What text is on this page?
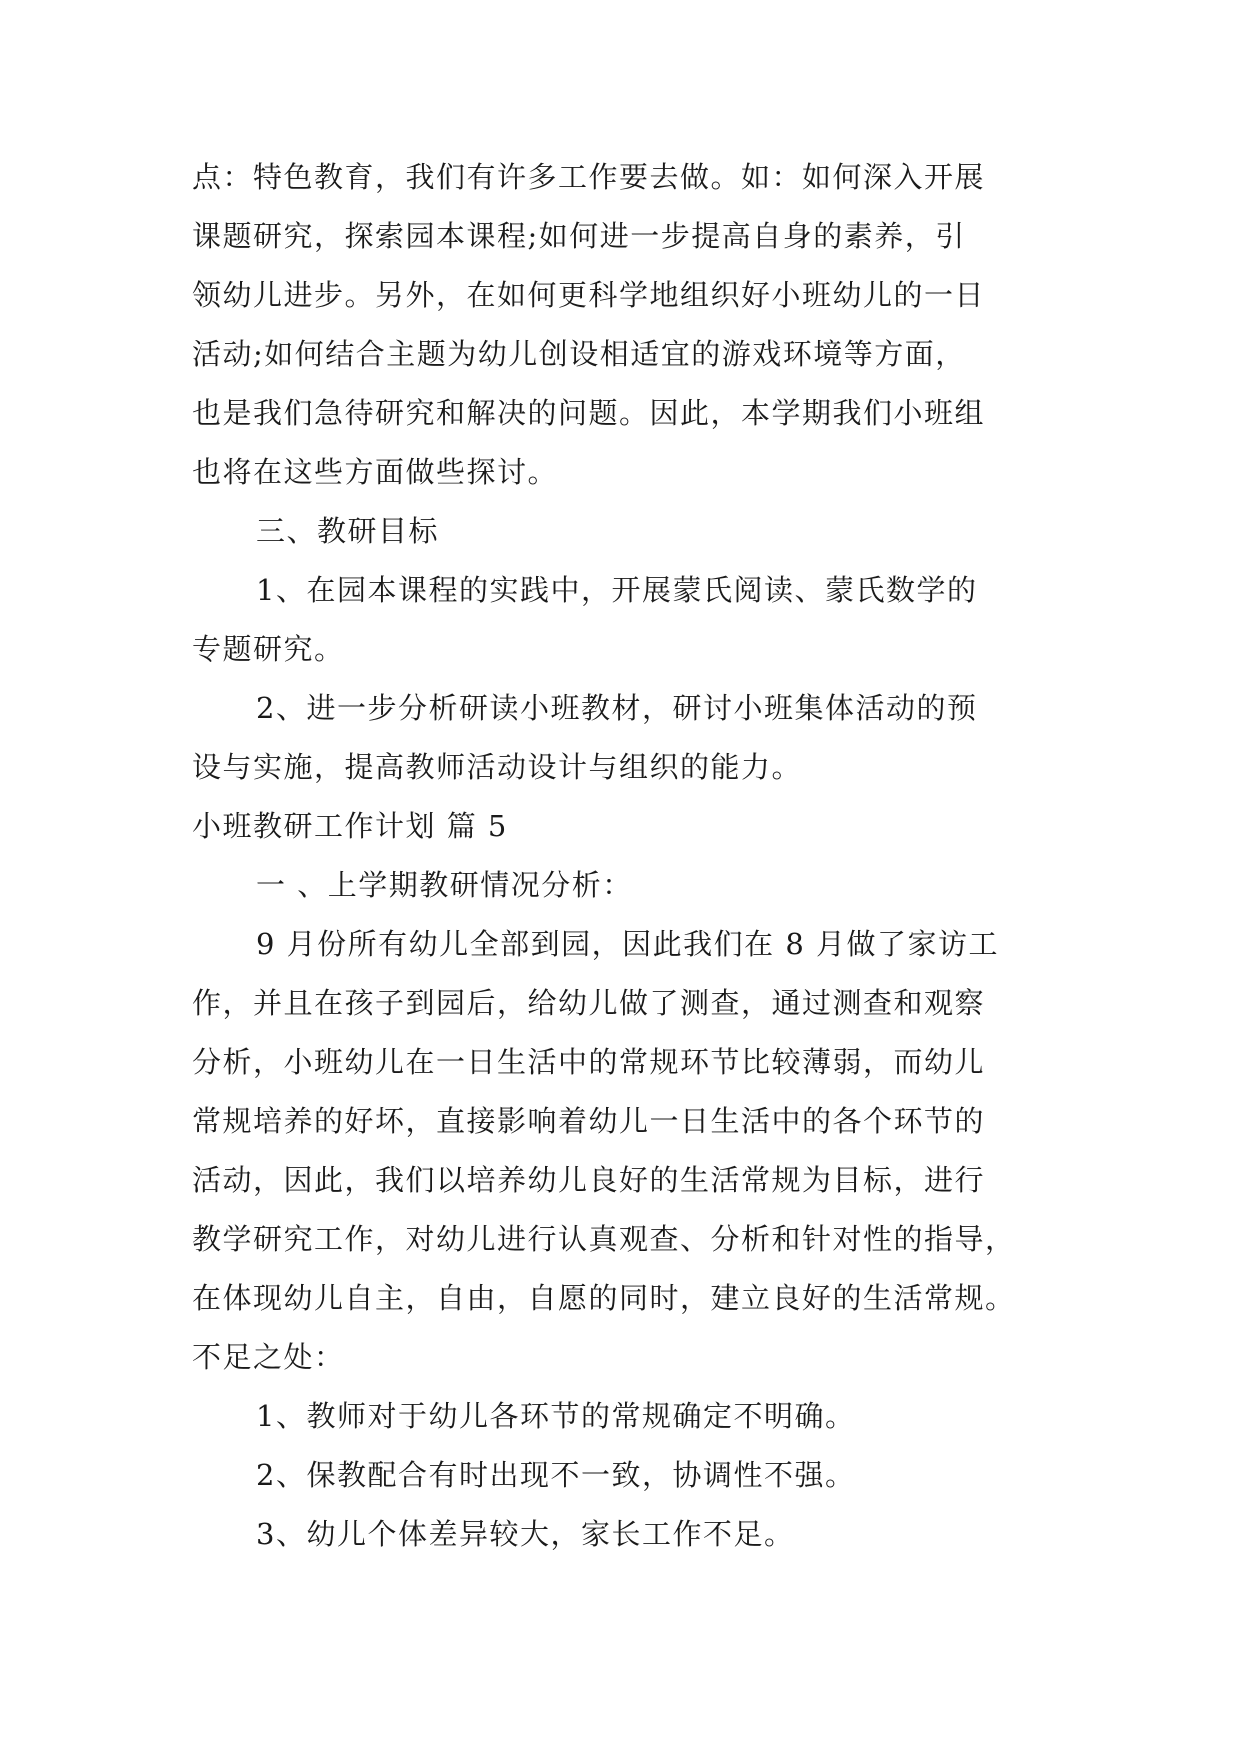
点：特色教育，我们有许多工作要去做。如：如何深入开展
课题研究，探索园本课程;如何进一步提高自身的素养，引
领幼儿进步。另外，在如何更科学地组织好小班幼儿的一日
活动;如何结合主题为幼儿创设相适宜的游戏环境等方面，
也是我们急待研究和解决的问题。因此，本学期我们小班组
也将在这些方面做些探讨。
三、教研目标
1、在园本课程的实践中，开展蒙氏阅读、蒙氏数学的
专题研究。
2、进一步分析研读小班教材，研讨小班集体活动的预
设与实施，提高教师活动设计与组织的能力。
小班教研工作计划 篇 5
一 、上学期教研情况分析：
9 月份所有幼儿全部到园，因此我们在 8 月做了家访工
作，并且在孩子到园后，给幼儿做了测查，通过测查和观察
分析，小班幼儿在一日生活中的常规环节比较薄弱，而幼儿
常规培养的好坏，直接影响着幼儿一日生活中的各个环节的
活动，因此，我们以培养幼儿良好的生活常规为目标，进行
教学研究工作，对幼儿进行认真观查、分析和针对性的指导，
在体现幼儿自主，自由，自愿的同时，建立良好的生活常规。
不足之处：
1、教师对于幼儿各环节的常规确定不明确。
2、保教配合有时出现不一致，协调性不强。
3、幼儿个体差异较大，家长工作不足。
